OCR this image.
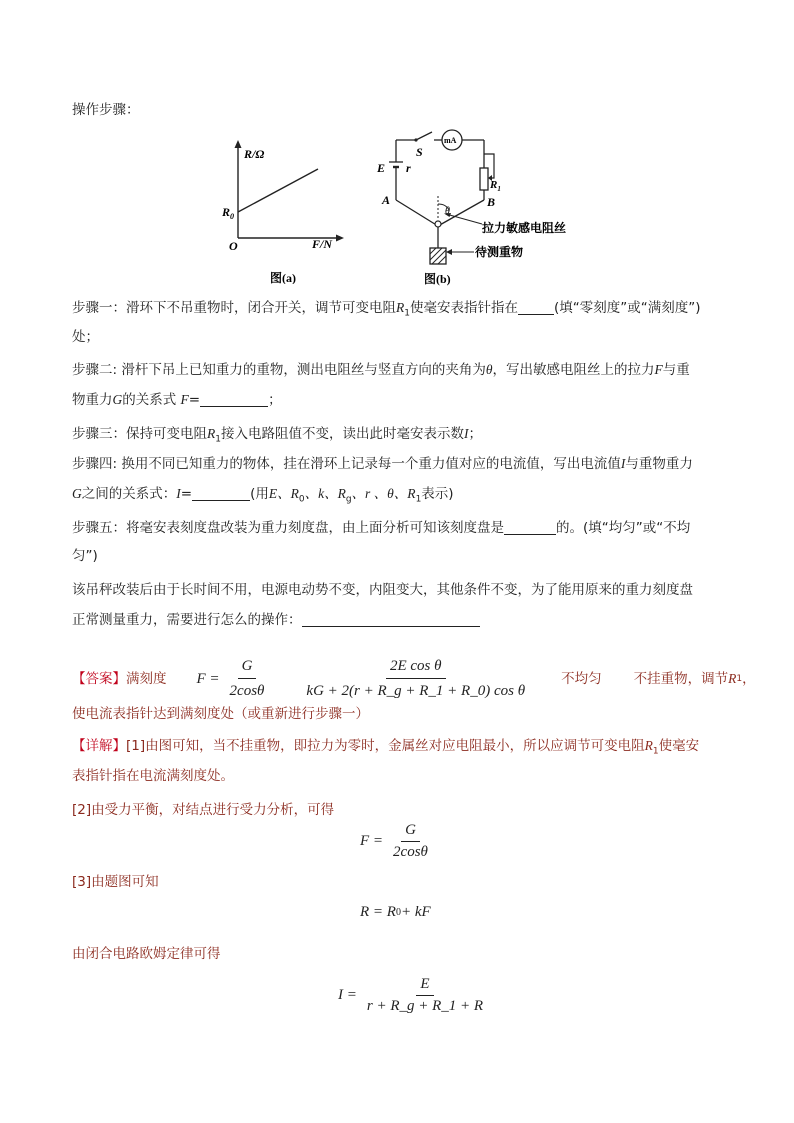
操作步骤：
R/Ω
$R_0$
O	F/N
图(a)
mA
S
E r
$R_1$
A	B
θ
拉力敏感电阻丝
待测重物
图(b)
步骤一：滑环下不吊重物时，闭合开关，调节可变电阻$R_1$使毫安表指针指在	(填“零刻度”或“满刻度”)
处；
步骤二: 滑杆下吊上已知重力的重物，测出电阻丝与竖直方向的夹角为θ，写出敏感电阻丝上的拉力F与重
物重力G的关系式 F=	；
步骤三：保持可变电阻$R_1$接入电路阻值不变，读出此时毫安表示数I；
步骤四: 换用不同已知重力的物体，挂在滑环上记录每一个重力值对应的电流值，写出电流值I与重物重力
G之间的关系式：I=	(用E、$R_0$、k、$R_g$、r 、θ、$R_1$表示)
步骤五：将毫安表刻度盘改装为重力刻度盘，由上面分析可知该刻度盘是	的。(填“均匀”或“不均
匀”)
该吊秤改装后由于长时间不用，电源电动势不变，内阻变大，其他条件不变，为了能用原来的重力刻度盘
正常测量重力，需要进行怎么的操作：
【答案】 满刻度 $F = \frac{G}{2\cos\theta} \frac{\text{2E cos θ}}{\text{kG + 2(r + R\_g + R\_1 + R\_0) cos θ}}$ 不均匀 不挂重物，调节 R 1 ，
使电流表指针达到满刻度处（或重新进行步骤一）
【详解】[1]由图可知，当不挂重物，即拉力为零时，金属丝对应电阻最小，所以应调节可变电阻$R_1$使毫安
表指针指在电流满刻度处。
[2]由受力平衡，对结点进行受力分析，可得
$F = \frac{G}{2\cos\theta}$
[3]由题图可知
R = R 0 + kF
由闭合电路欧姆定律可得
$I = \frac{E}{r + R\_g + R\_1 + R}$
